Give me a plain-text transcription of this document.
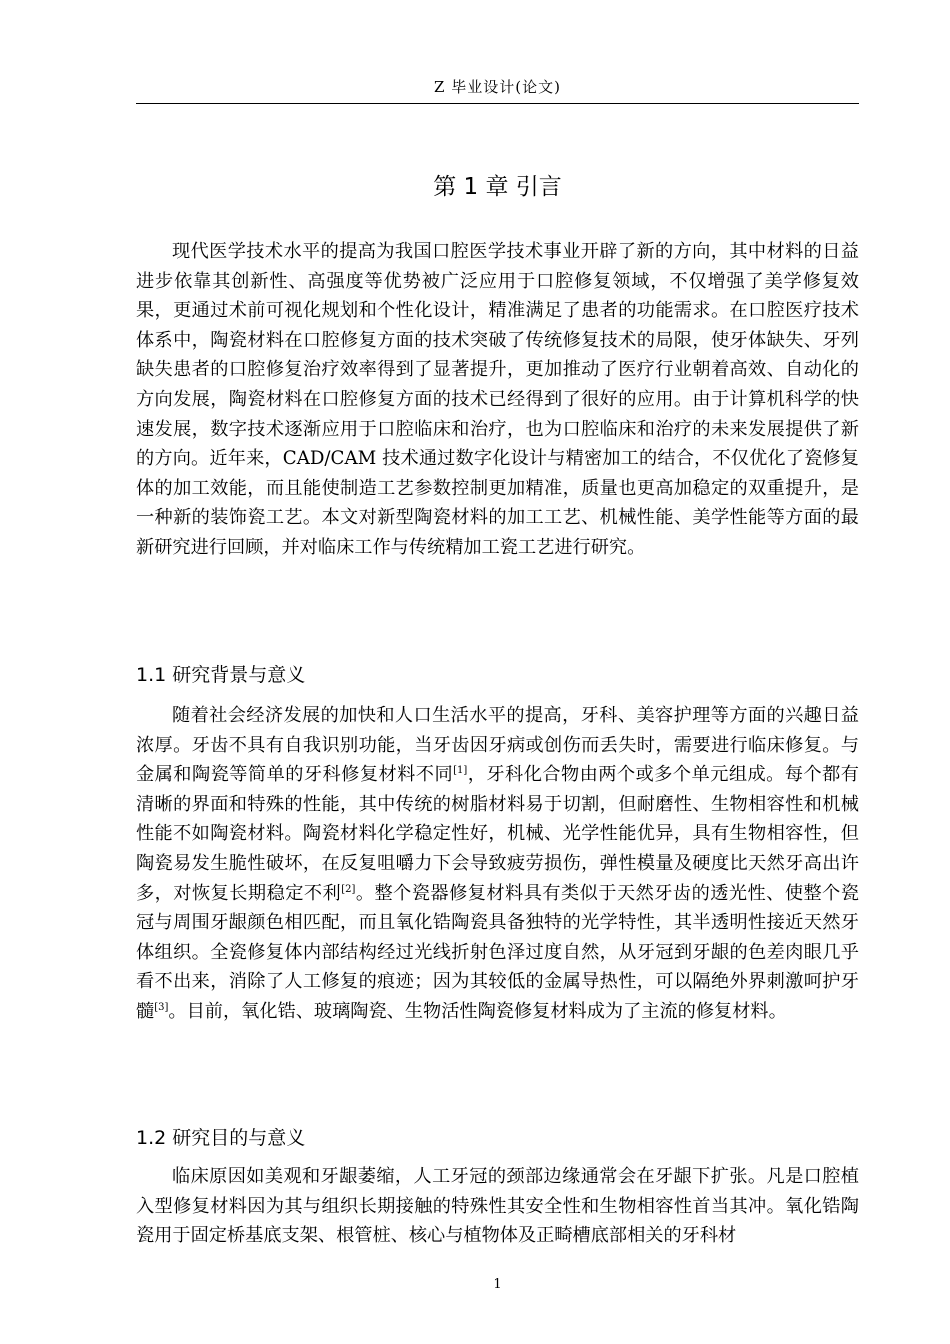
Z 毕业设计(论文)
第 1 章 引言

现代医学技术水平的提高为我国口腔医学技术事业开辟了新的方向，其中材料的日益进步依靠其创新性、高强度等优势被广泛应用于口腔修复领域，不仅增强了美学修复效果，更通过术前可视化规划和个性化设计，精准满足了患者的功能需求。在口腔医疗技术体系中，陶瓷材料在口腔修复方面的技术突破了传统修复技术的局限，使牙体缺失、牙列缺失患者的口腔修复治疗效率得到了显著提升，更加推动了医疗行业朝着高效、自动化的方向发展，陶瓷材料在口腔修复方面的技术已经得到了很好的应用。由于计算机科学的快速发展，数字技术逐渐应用于口腔临床和治疗，也为口腔临床和治疗的未来发展提供了新的方向。近年来，CAD/CAM 技术通过数字化设计与精密加工的结合，不仅优化了瓷修复体的加工效能，而且能使制造工艺参数控制更加精准，质量也更高加稳定的双重提升，是一种新的装饰瓷工艺。本文对新型陶瓷材料的加工工艺、机械性能、美学性能等方面的最新研究进行回顾，并对临床工作与传统精加工瓷工艺进行研究。

1.1 研究背景与意义

随着社会经济发展的加快和人口生活水平的提高，牙科、美容护理等方面的兴趣日益浓厚。牙齿不具有自我识别功能，当牙齿因牙病或创伤而丢失时，需要进行临床修复。与金属和陶瓷等简单的牙科修复材料不同[1]，牙科化合物由两个或多个单元组成。每个都有清晰的界面和特殊的性能，其中传统的树脂材料易于切割，但耐磨性、生物相容性和机械性能不如陶瓷材料。陶瓷材料化学稳定性好，机械、光学性能优异，具有生物相容性，但陶瓷易发生脆性破坏，在反复咀嚼力下会导致疲劳损伤，弹性模量及硬度比天然牙高出许多，对恢复长期稳定不利[2]。整个瓷器修复材料具有类似于天然牙齿的透光性、使整个瓷冠与周围牙龈颜色相匹配，而且氧化锆陶瓷具备独特的光学特性，其半透明性接近天然牙体组织。全瓷修复体内部结构经过光线折射色泽过度自然，从牙冠到牙龈的色差肉眼几乎看不出来，消除了人工修复的痕迹；因为其较低的金属导热性，可以隔绝外界刺激呵护牙髓[3]。目前，氧化锆、玻璃陶瓷、生物活性陶瓷修复材料成为了主流的修复材料。

1.2 研究目的与意义

临床原因如美观和牙龈萎缩，人工牙冠的颈部边缘通常会在牙龈下扩张。凡是口腔植入型修复材料因为其与组织长期接触的特殊性其安全性和生物相容性首当其冲。氧化锆陶瓷用于固定桥基底支架、根管桩、核心与植物体及正畸槽底部相关的牙科材

1
